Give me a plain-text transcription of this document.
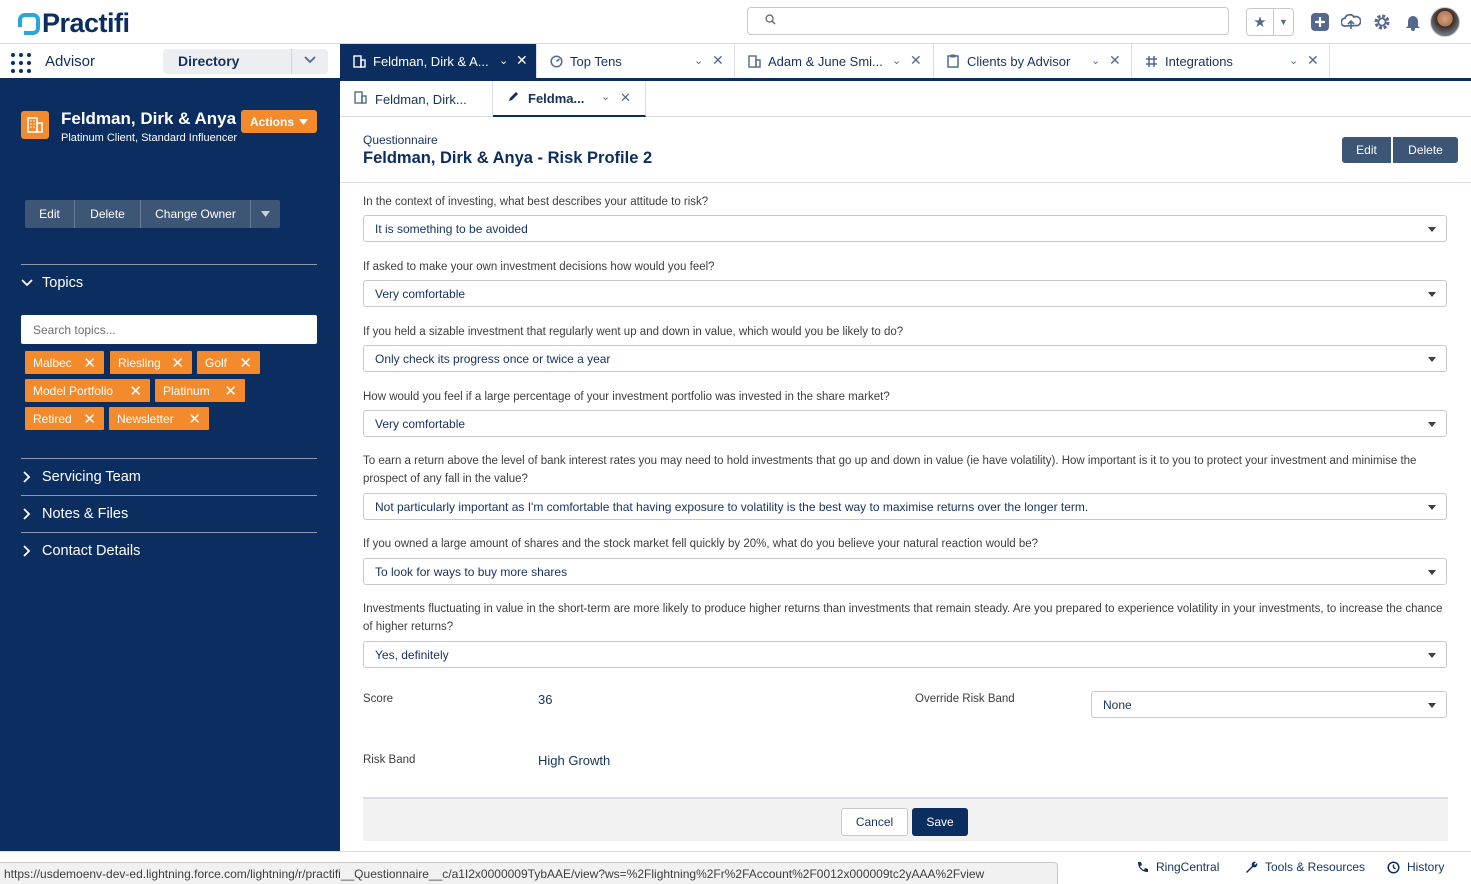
Practifi	★	▼
Advisor	Directory	Feldman, Dirk & A... ⌄ ✕	Top Tens	⌄ ✕	Adam & June Smi... ⌄ ✕	Clients by Advisor	⌄ ✕	Integrations	⌄ ✕
Feldman, Dirk & Anya
Platinum Client, Standard Influencer
Actions
Edit	Delete	Change Owner
Topics
Search topics...
Malbec ✕ Riesling ✕ Golf ✕
Model Portfolio ✕ Platinum ✕
Retired ✕ Newsletter ✕
Servicing Team
Notes & Files
Contact Details
Feldman, Dirk...	Feldma... ⌄ ✕
Questionnaire
Feldman, Dirk & Anya - Risk Profile 2	Edit	Delete
In the context of investing, what best describes your attitude to risk?
It is something to be avoided
If asked to make your own investment decisions how would you feel?
Very comfortable
If you held a sizable investment that regularly went up and down in value, which would you be likely to do?
Only check its progress once or twice a year
How would you feel if a large percentage of your investment portfolio was invested in the share market?
Very comfortable
To earn a return above the level of bank interest rates you may need to hold investments that go up and down in value (ie have volatility). How important is it to you to protect your investment and minimise the prospect of any fall in the value?
Not particularly important as I'm comfortable that having exposure to volatility is the best way to maximise returns over the longer term.
If you owned a large amount of shares and the stock market fell quickly by 20%, what do you believe your natural reaction would be?
To look for ways to buy more shares
Investments fluctuating in value in the short-term are more likely to produce higher returns than investments that remain steady. Are you prepared to experience volatility in your investments, to increase the chance of higher returns?
Yes, definitely
Score	36	Override Risk Band	None
Risk Band	High Growth
Cancel	Save
https://usdemoenv-dev-ed.lightning.force.com/lightning/r/practifi__Questionnaire__c/a1I2x0000009TybAAE/view?ws=%2Flightning%2Fr%2FAccount%2F0012x000009tc2yAAA%2Fview	RingCentral	Tools & Resources	History
